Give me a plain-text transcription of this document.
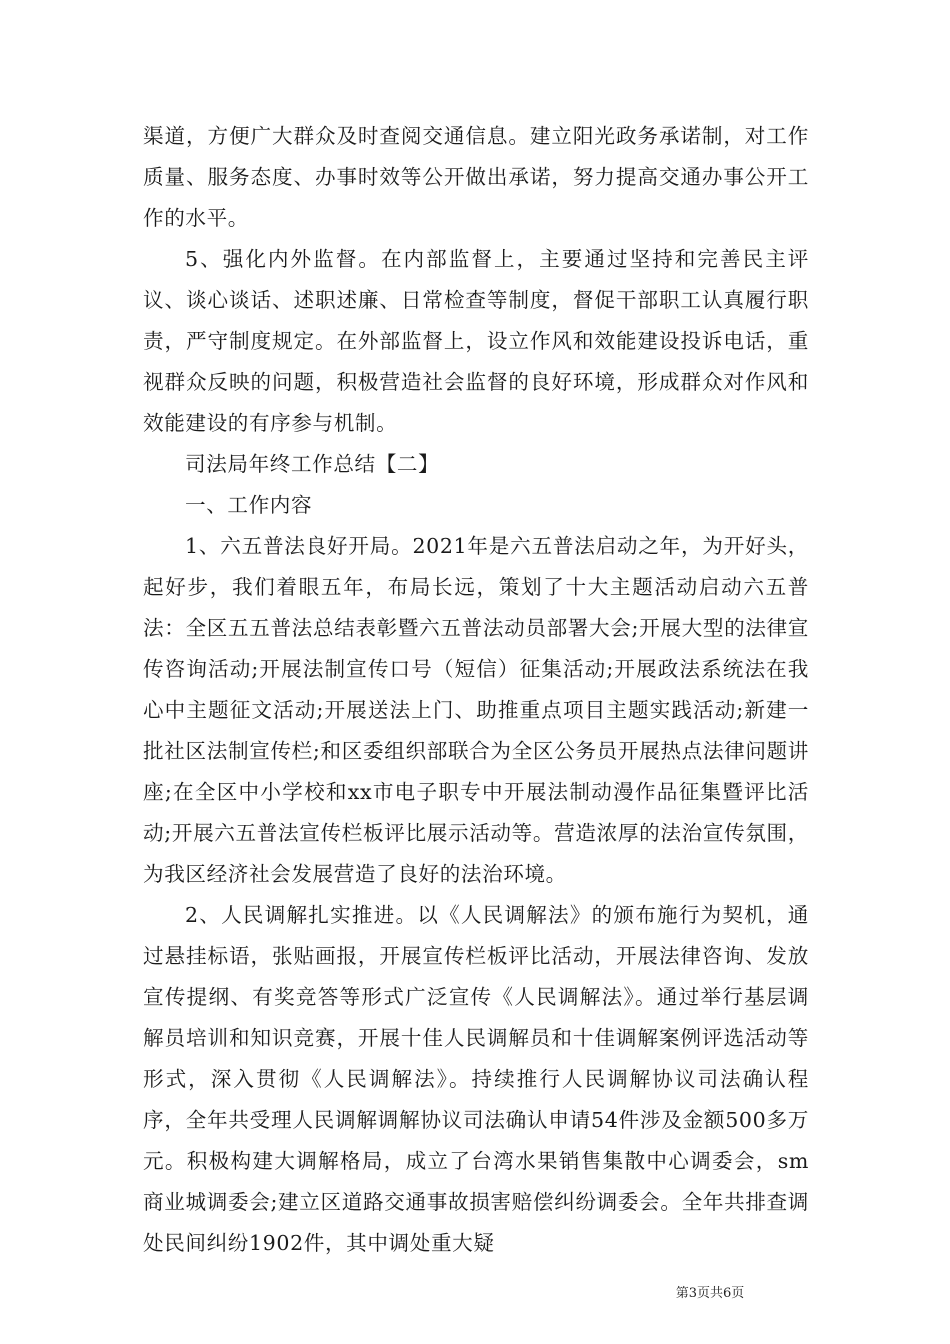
渠道，方便广大群众及时查阅交通信息。建立阳光政务承诺制，对工作质量、服务态度、办事时效等公开做出承诺，努力提高交通办事公开工作的水平。

5、强化内外监督。在内部监督上，主要通过坚持和完善民主评议、谈心谈话、述职述廉、日常检查等制度，督促干部职工认真履行职责，严守制度规定。在外部监督上，设立作风和效能建设投诉电话，重视群众反映的问题，积极营造社会监督的良好环境，形成群众对作风和效能建设的有序参与机制。

司法局年终工作总结【二】

一、工作内容

1、六五普法良好开局。2021年是六五普法启动之年，为开好头，起好步，我们着眼五年，布局长远，策划了十大主题活动启动六五普法：全区五五普法总结表彰暨六五普法动员部署大会;开展大型的法律宣传咨询活动;开展法制宣传口号（短信）征集活动;开展政法系统法在我心中主题征文活动;开展送法上门、助推重点项目主题实践活动;新建一批社区法制宣传栏;和区委组织部联合为全区公务员开展热点法律问题讲座;在全区中小学校和xx市电子职专中开展法制动漫作品征集暨评比活动;开展六五普法宣传栏板评比展示活动等。营造浓厚的法治宣传氛围，为我区经济社会发展营造了良好的法治环境。

2、人民调解扎实推进。以《人民调解法》的颁布施行为契机，通过悬挂标语，张贴画报，开展宣传栏板评比活动，开展法律咨询、发放宣传提纲、有奖竞答等形式广泛宣传《人民调解法》。通过举行基层调解员培训和知识竞赛，开展十佳人民调解员和十佳调解案例评选活动等形式，深入贯彻《人民调解法》。持续推行人民调解协议司法确认程序，全年共受理人民调解调解协议司法确认申请54件涉及金额500多万元。积极构建大调解格局，成立了台湾水果销售集散中心调委会，sm商业城调委会;建立区道路交通事故损害赔偿纠纷调委会。全年共排查调处民间纠纷1902件，其中调处重大疑

第3页共6页
